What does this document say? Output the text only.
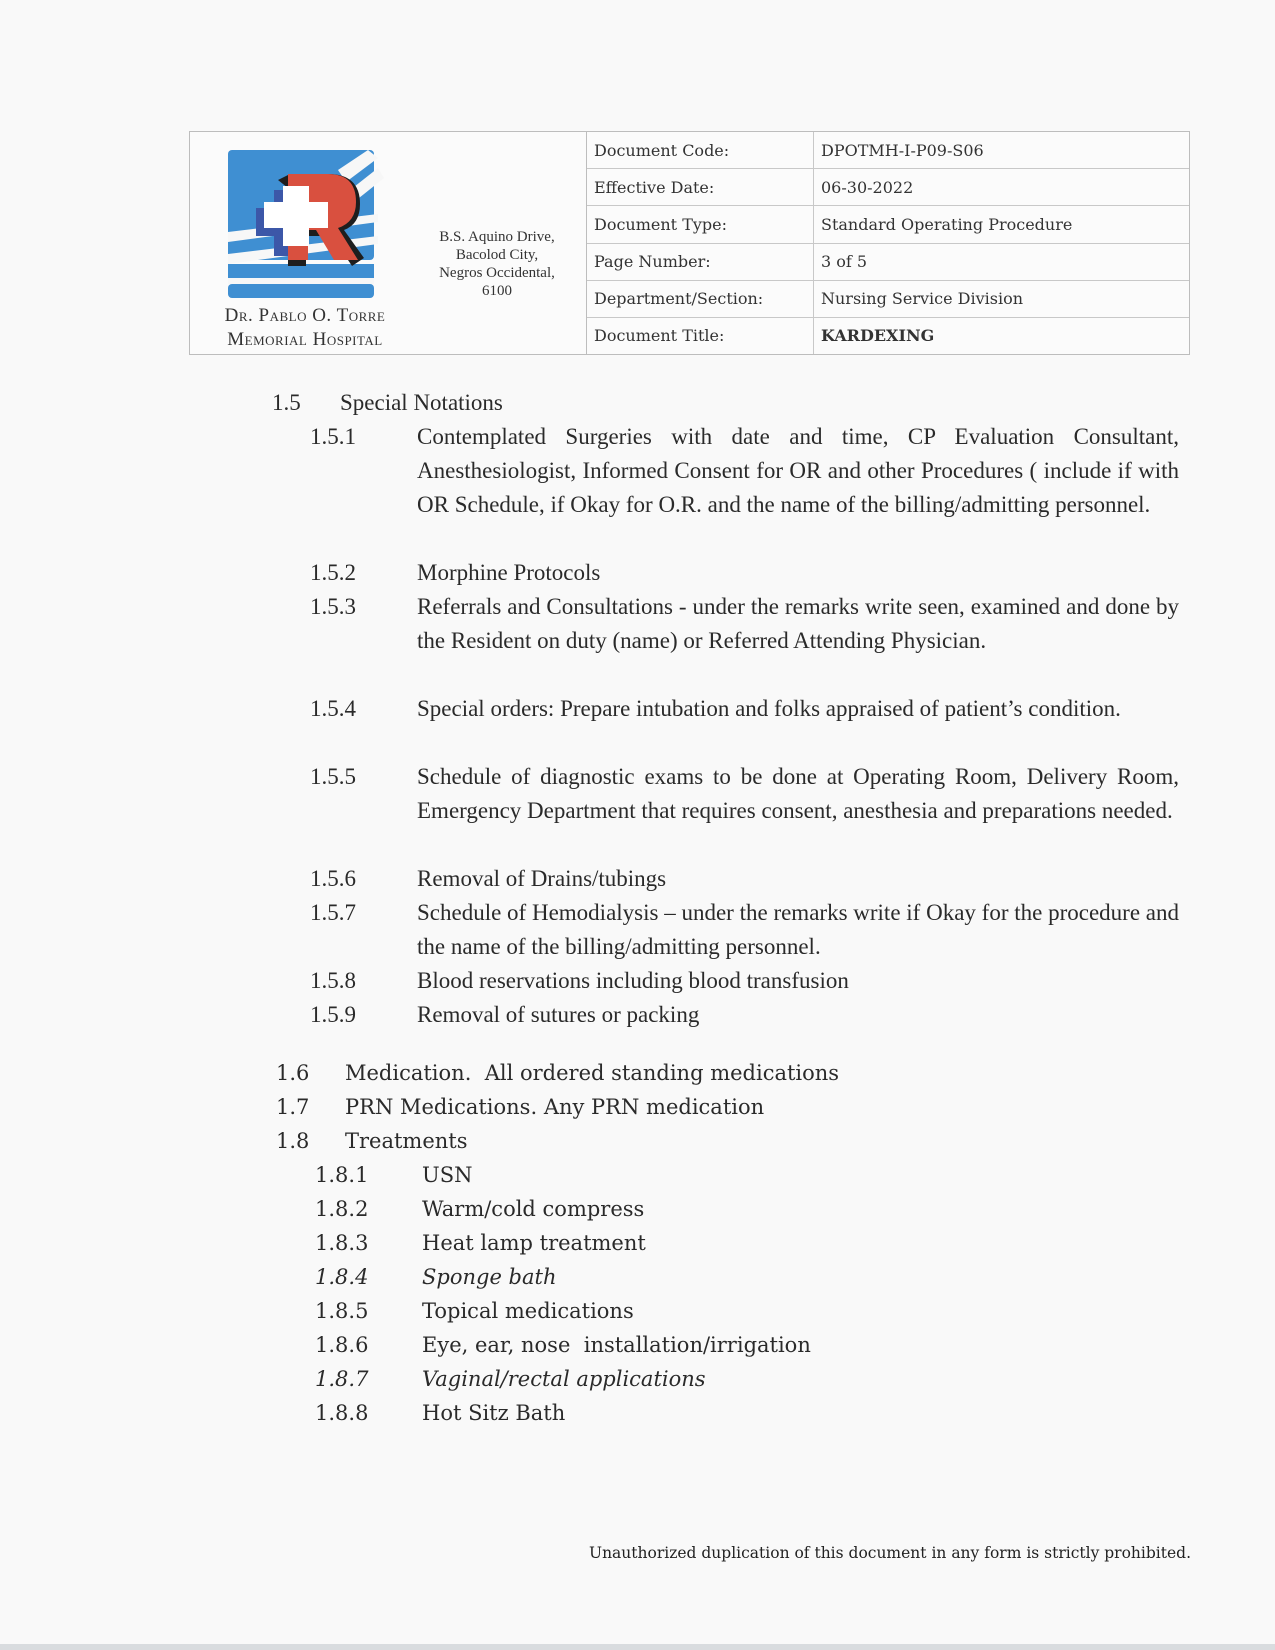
Dr. Pablo O. Torre
Memorial Hospital
B.S. Aquino Drive,
Bacolod City,
Negros Occidental,
6100
Document Code:	DPOTMH-I-P09-S06
Effective Date:	06-30-2022
Document Type:	Standard Operating Procedure
Page Number:	3 of 5
Department/Section:	Nursing Service Division
Document Title:	KARDEXING
1.5 Special Notations
1.5.1	Contemplated Surgeries with date and time, CP Evaluation Consultant, Anesthesiologist, Informed Consent for OR and other Procedures ( include if with OR Schedule, if Okay for O.R. and the name of the billing/admitting personnel.
1.5.2	Morphine Protocols
1.5.3	Referrals and Consultations - under the remarks write seen, examined and done by the Resident on duty (name) or Referred Attending Physician.
1.5.4	Special orders: Prepare intubation and folks appraised of patient’s condition.
1.5.5	Schedule of diagnostic exams to be done at Operating Room, Delivery Room, Emergency Department that requires consent, anesthesia and preparations needed.
1.5.6	Removal of Drains/tubings
1.5.7	Schedule of Hemodialysis – under the remarks write if Okay for the procedure and the name of the billing/admitting personnel.
1.5.8	Blood reservations including blood transfusion
1.5.9	Removal of sutures or packing
1.6 Medication.  All ordered standing medications
1.7 PRN Medications. Any PRN medication
1.8 Treatments
1.8.1	USN
1.8.2	Warm/cold compress
1.8.3	Heat lamp treatment
1.8.4	Sponge bath
1.8.5	Topical medications
1.8.6	Eye, ear, nose  installation/irrigation
1.8.7	Vaginal/rectal applications
1.8.8	Hot Sitz Bath
Unauthorized duplication of this document in any form is strictly prohibited.
